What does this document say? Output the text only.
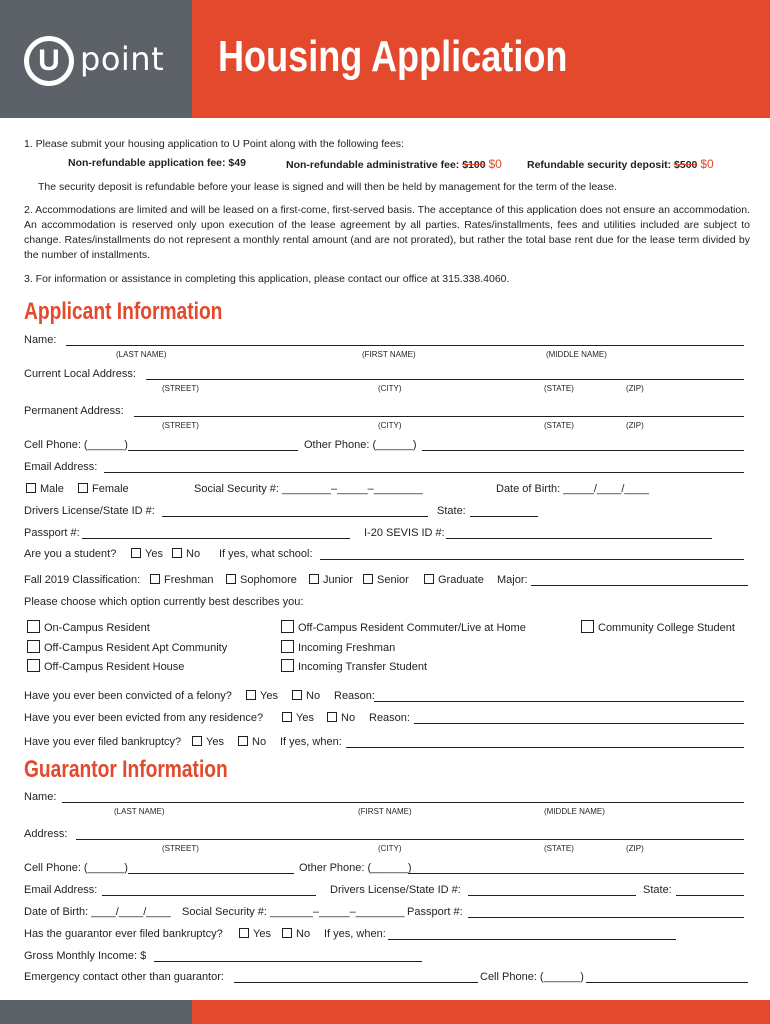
U point Housing Application
1. Please submit your housing application to U Point along with the following fees:
Non-refundable application fee: $49	Non-refundable administrative fee: $100 $0 Refundable security deposit: $500 $0
The security deposit is refundable before your lease is signed and will then be held by management for the term of the lease.
2. Accommodations are limited and will be leased on a first-come, first-served basis. The acceptance of this application does not ensure an accommodation. An accommodation is reserved only upon execution of the lease agreement by all parties. Rates/installments, fees and utilities included are subject to change. Rates/installments do not represent a monthly rental amount (and are not prorated), but rather the total base rent due for the lease term divided by the number of installments.
3. For information or assistance in completing this application, please contact our office at 315.338.4060.
Applicant Information
Name:
(LAST NAME)	(FIRST NAME)	(MIDDLE NAME)
Current Local Address:
(STREET)	(CITY)	(STATE)	(ZIP)
Permanent Address:
(STREET)	(CITY)	(STATE)	(ZIP)
Cell Phone: (______)	Other Phone: (______)
Email Address:
Male	Female	Social Security #: ________–_____–________	Date of Birth: _____/____/____
Drivers License/State ID #:	State:
Passport #:	I-20 SEVIS ID #:
Are you a student?	Yes	No If yes, what school:
Fall 2019 Classification:	Freshman	Sophomore	Junior	Senior	Graduate Major:
Please choose which option currently best describes you:
On-Campus Resident	Off-Campus Resident Commuter/Live at Home	Community College Student
Off-Campus Resident Apt Community	Incoming Freshman
Off-Campus Resident House	Incoming Transfer Student
Have you ever been convicted of a felony?	Yes	No Reason:
Have you ever been evicted from any residence?	Yes	No Reason:
Have you ever filed bankruptcy?	Yes	No If yes, when:
Guarantor Information
Name:
(LAST NAME)	(FIRST NAME)	(MIDDLE NAME)
Address:
(STREET)	(CITY)	(STATE)	(ZIP)
Cell Phone: (______)	Other Phone: (______)
Email Address:	Drivers License/State ID #:	State:
Date of Birth: ____/____/____ Social Security #: _______–_____–________ Passport #:
Has the guarantor ever filed bankruptcy?	Yes	No If yes, when:
Gross Monthly Income: $
Emergency contact other than guarantor:	Cell Phone: (______)
